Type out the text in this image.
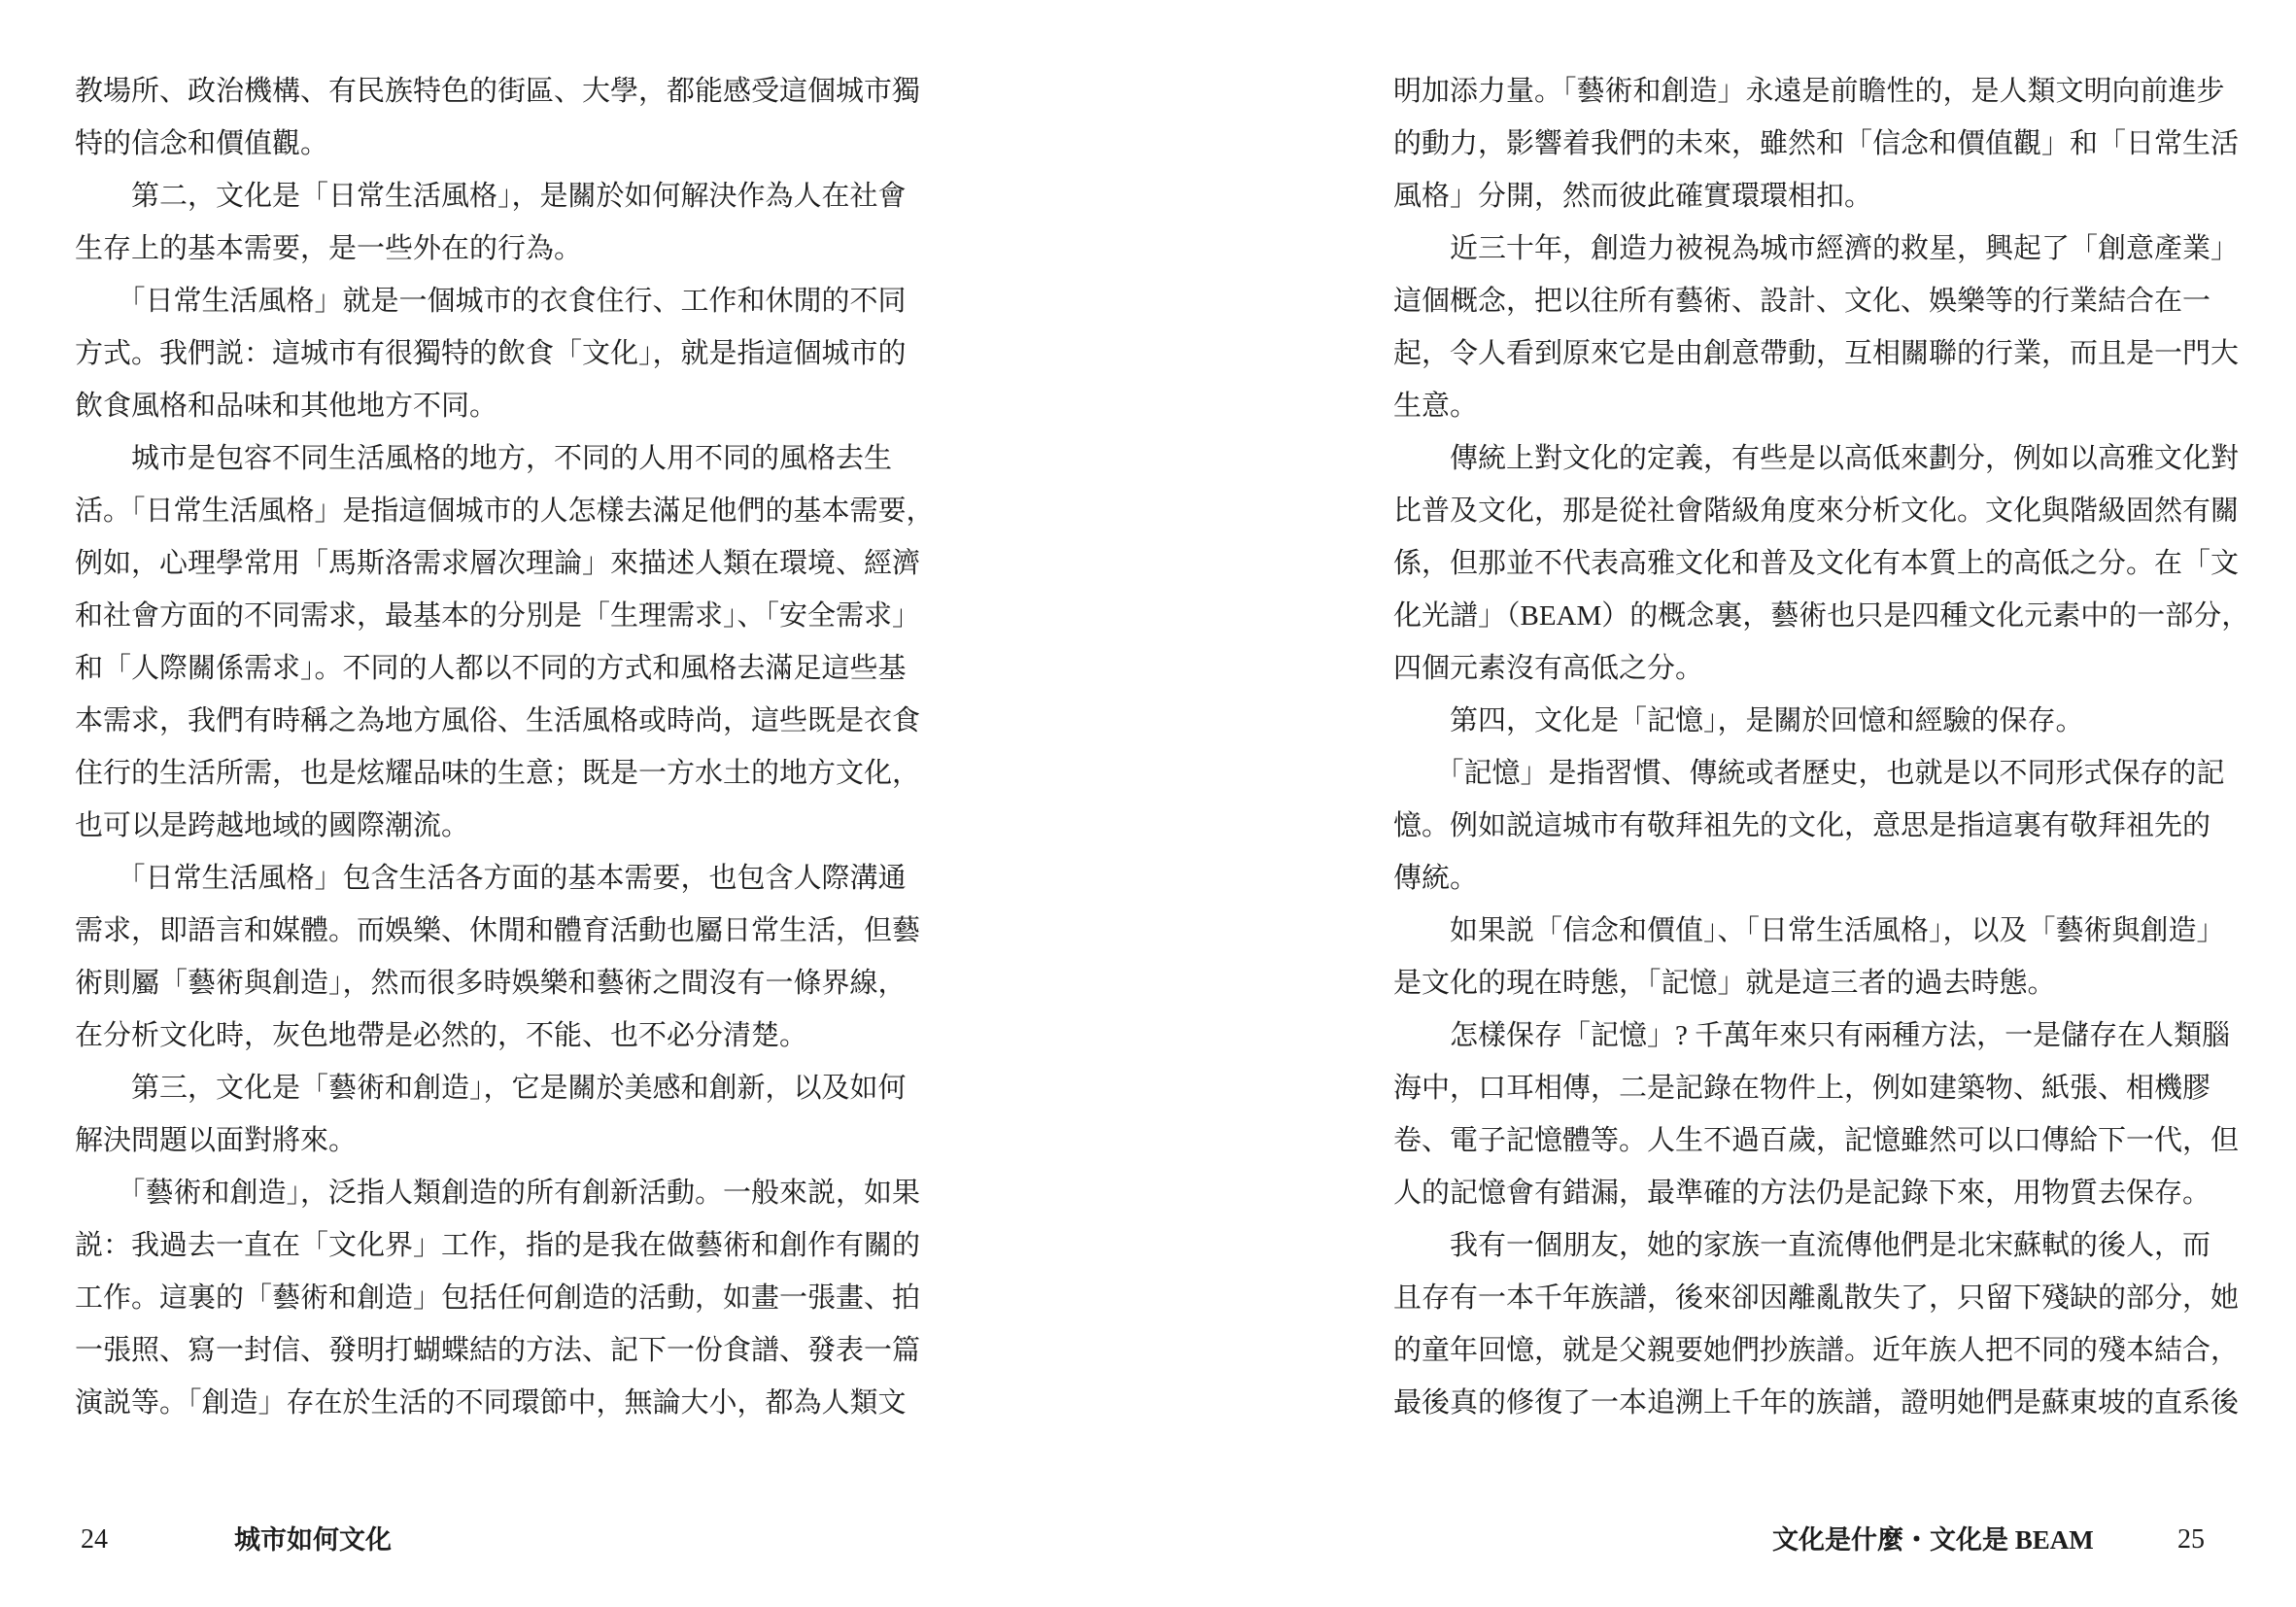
教場所、政治機構、有民族特色的街區、大學，都能感受這個城市獨
特的信念和價值觀。
　　第二，文化是「日常生活風格」，是關於如何解決作為人在社會
生存上的基本需要，是一些外在的行為。
　　「日常生活風格」就是一個城市的衣食住行、工作和休閒的不同
方式。我們説：這城市有很獨特的飲食「文化」，就是指這個城市的
飲食風格和品味和其他地方不同。
　　城市是包容不同生活風格的地方，不同的人用不同的風格去生
活。「日常生活風格」是指這個城市的人怎樣去滿足他們的基本需要，
例如，心理學常用「馬斯洛需求層次理論」來描述人類在環境、經濟
和社會方面的不同需求，最基本的分別是「生理需求」、「安全需求」
和「人際關係需求」。不同的人都以不同的方式和風格去滿足這些基
本需求，我們有時稱之為地方風俗、生活風格或時尚，這些既是衣食
住行的生活所需，也是炫耀品味的生意；既是一方水土的地方文化，
也可以是跨越地域的國際潮流。
　　「日常生活風格」包含生活各方面的基本需要，也包含人際溝通
需求，即語言和媒體。而娛樂、休閒和體育活動也屬日常生活，但藝
術則屬「藝術與創造」，然而很多時娛樂和藝術之間沒有一條界線，
在分析文化時，灰色地帶是必然的，不能、也不必分清楚。
　　第三，文化是「藝術和創造」，它是關於美感和創新，以及如何
解決問題以面對將來。
　　「藝術和創造」，泛指人類創造的所有創新活動。一般來説，如果
説：我過去一直在「文化界」工作，指的是我在做藝術和創作有關的
工作。這裏的「藝術和創造」包括任何創造的活動，如畫一張畫、拍
一張照、寫一封信、發明打蝴蝶結的方法、記下一份食譜、發表一篇
演説等。「創造」存在於生活的不同環節中，無論大小，都為人類文
24	城市如何文化
明加添力量。「藝術和創造」永遠是前瞻性的，是人類文明向前進步
的動力，影響着我們的未來，雖然和「信念和價值觀」和「日常生活
風格」分開，然而彼此確實環環相扣。
　　近三十年，創造力被視為城市經濟的救星，興起了「創意產業」
這個概念，把以往所有藝術、設計、文化、娛樂等的行業結合在一
起，令人看到原來它是由創意帶動，互相關聯的行業，而且是一門大
生意。
　　傳統上對文化的定義，有些是以高低來劃分，例如以高雅文化對
比普及文化，那是從社會階級角度來分析文化。文化與階級固然有關
係，但那並不代表高雅文化和普及文化有本質上的高低之分。在「文
化光譜」（BEAM）的概念裏，藝術也只是四種文化元素中的一部分，
四個元素沒有高低之分。
　　第四，文化是「記憶」，是關於回憶和經驗的保存。
　　「記憶」是指習慣、傳統或者歷史，也就是以不同形式保存的記
憶。例如説這城市有敬拜祖先的文化，意思是指這裏有敬拜祖先的
傳統。
　　如果説「信念和價值」、「日常生活風格」，以及「藝術與創造」
是文化的現在時態，「記憶」就是這三者的過去時態。
　　怎樣保存「記憶」? 千萬年來只有兩種方法，一是儲存在人類腦
海中，口耳相傳，二是記錄在物件上，例如建築物、紙張、相機膠
卷、電子記憶體等。人生不過百歲，記憶雖然可以口傳給下一代，但
人的記憶會有錯漏，最準確的方法仍是記錄下來，用物質去保存。
　　我有一個朋友，她的家族一直流傳他們是北宋蘇軾的後人，而
且存有一本千年族譜，後來卻因離亂散失了，只留下殘缺的部分，她
的童年回憶，就是父親要她們抄族譜。近年族人把不同的殘本結合，
最後真的修復了一本追溯上千年的族譜，證明她們是蘇東坡的直系後
文化是什麼・文化是 BEAM	25
